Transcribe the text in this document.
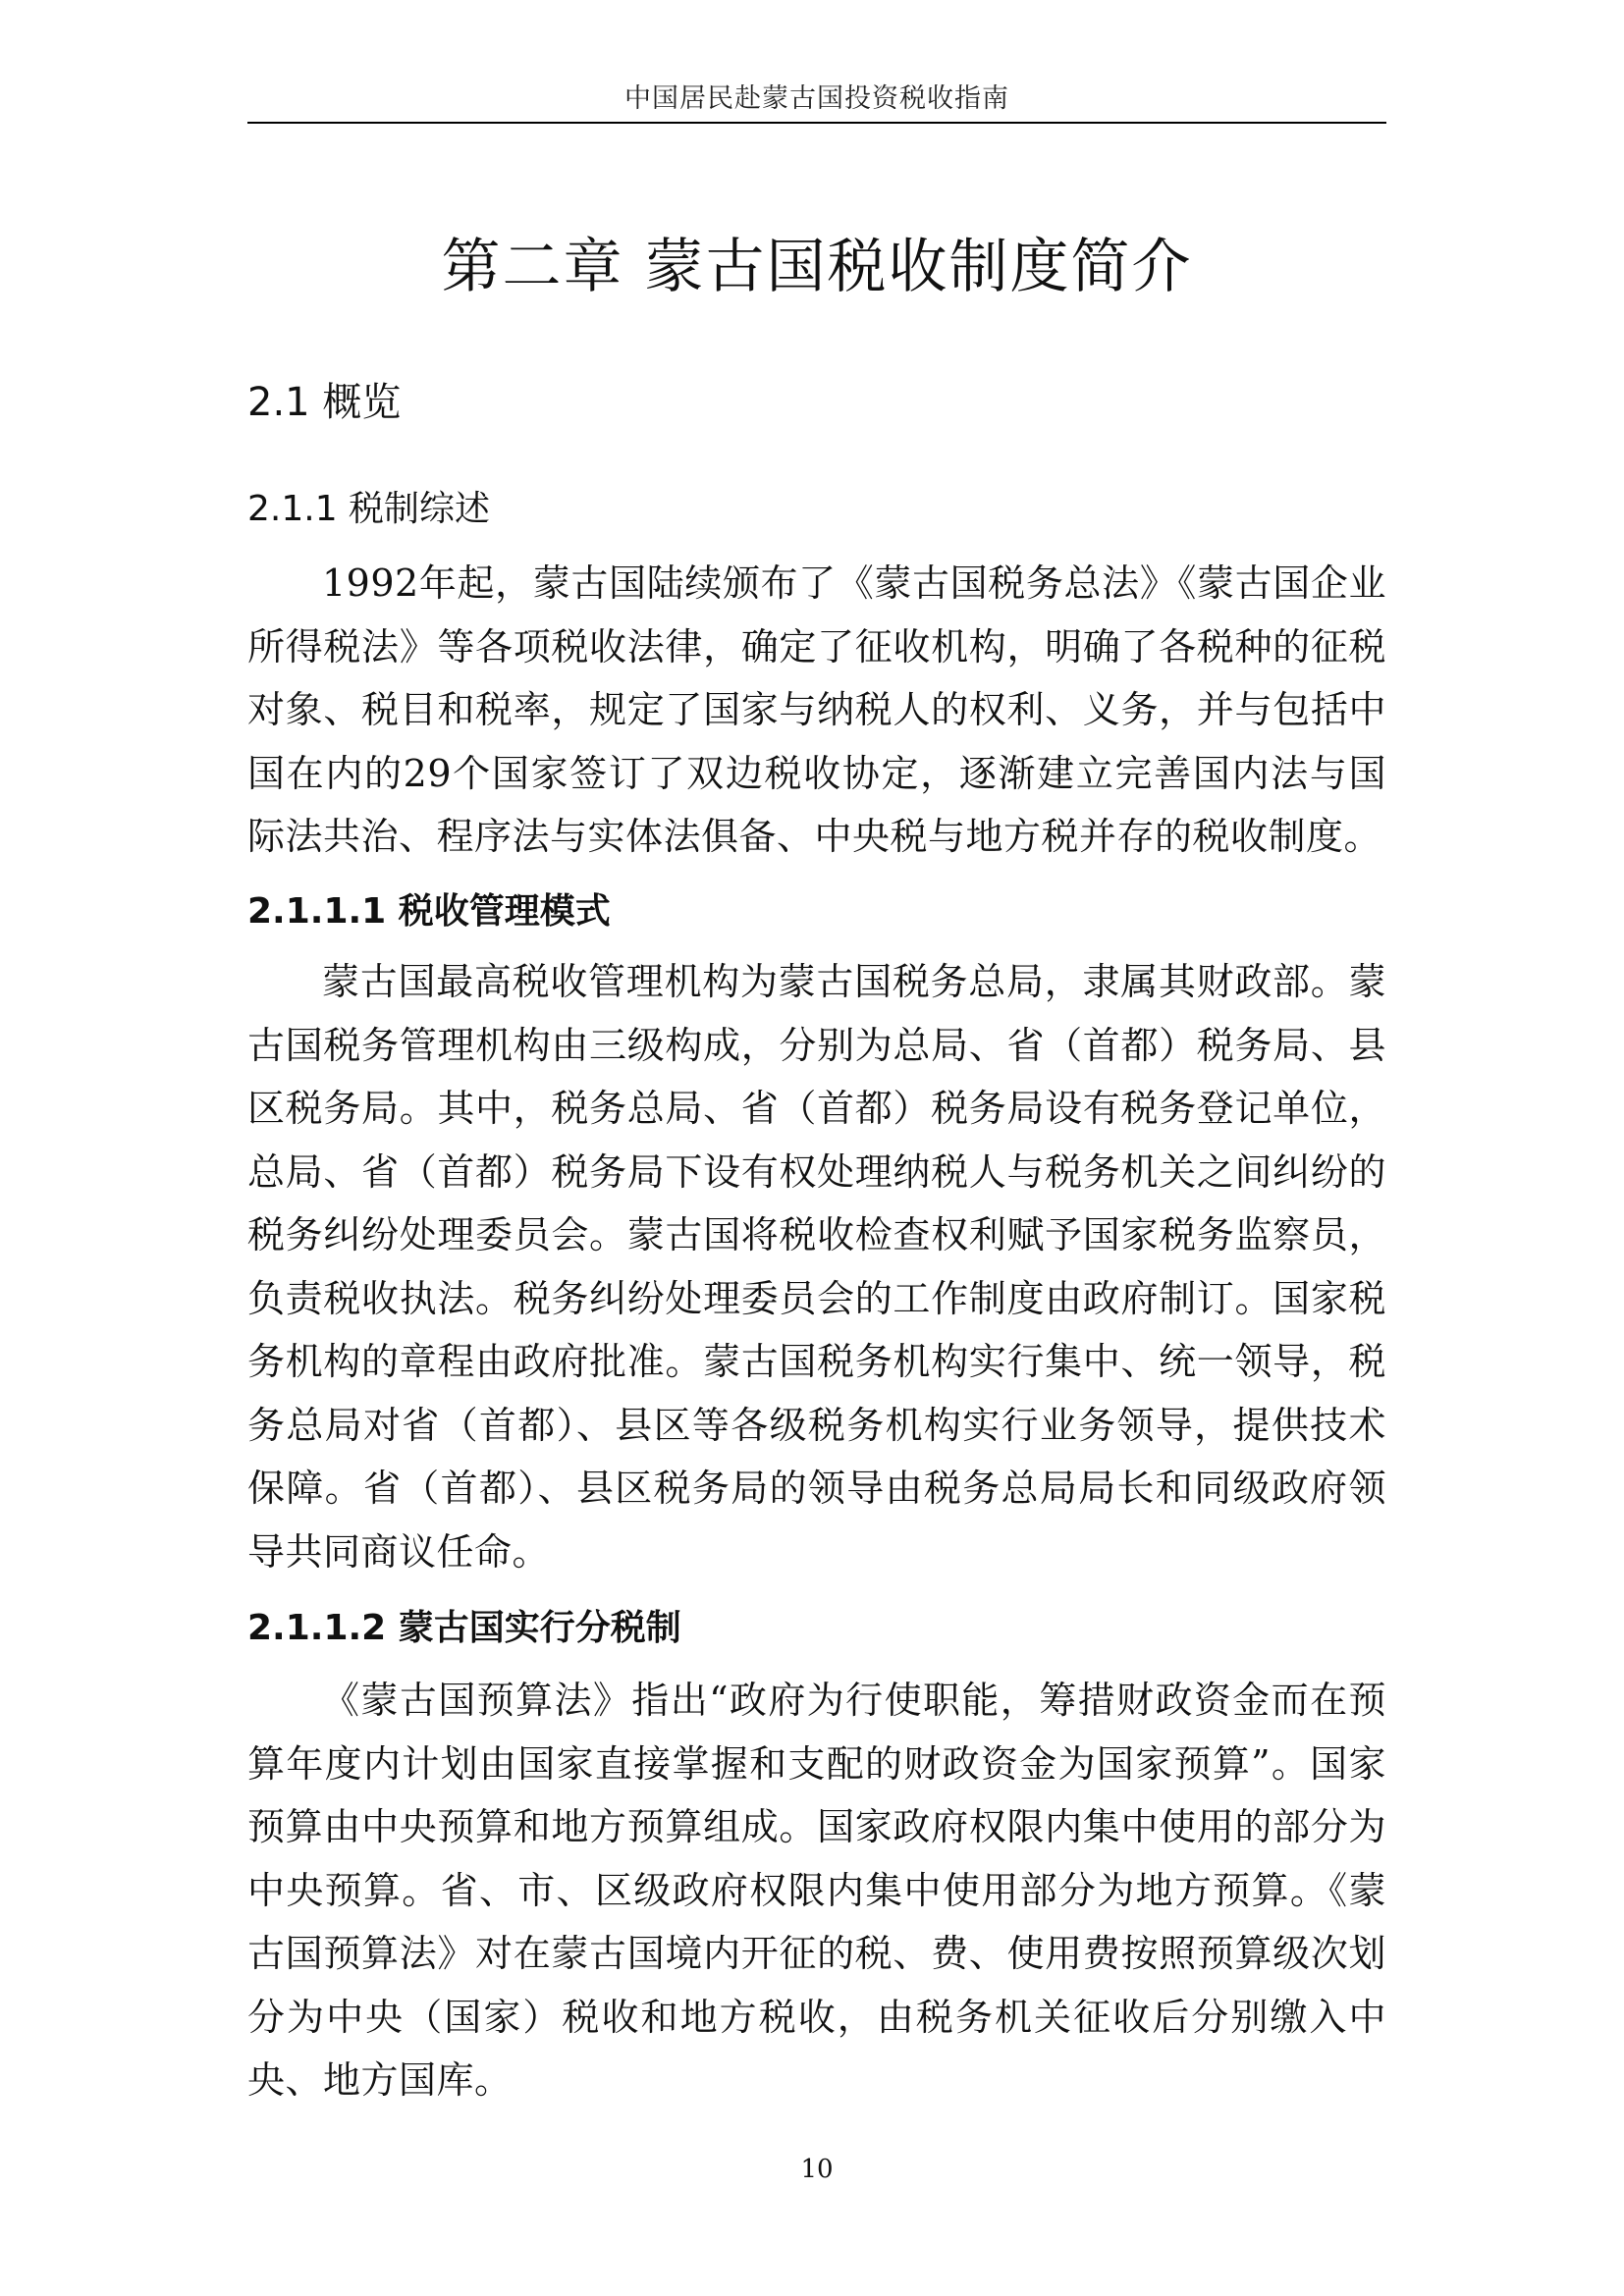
中国居民赴蒙古国投资税收指南
第二章 蒙古国税收制度简介
2.1 概览
2.1.1 税制综述

1992年起，蒙古国陆续颁布了《蒙古国税务总法》《蒙古国企业所得税法》等各项税收法律，确定了征收机构，明确了各税种的征税对象、税目和税率，规定了国家与纳税人的权利、义务，并与包括中国在内的29个国家签订了双边税收协定，逐渐建立完善国内法与国际法共治、程序法与实体法俱备、中央税与地方税并存的税收制度。

2.1.1.1 税收管理模式

蒙古国最高税收管理机构为蒙古国税务总局，隶属其财政部。蒙古国税务管理机构由三级构成，分别为总局、省（首都）税务局、县区税务局。其中，税务总局、省（首都）税务局设有税务登记单位，总局、省（首都）税务局下设有权处理纳税人与税务机关之间纠纷的税务纠纷处理委员会。蒙古国将税收检查权利赋予国家税务监察员，负责税收执法。税务纠纷处理委员会的工作制度由政府制订。国家税务机构的章程由政府批准。蒙古国税务机构实行集中、统一领导，税务总局对省（首都）、县区等各级税务机构实行业务领导，提供技术保障。省（首都）、县区税务局的领导由税务总局局长和同级政府领导共同商议任命。

2.1.1.2 蒙古国实行分税制

《蒙古国预算法》指出“政府为行使职能，筹措财政资金而在预算年度内计划由国家直接掌握和支配的财政资金为国家预算”。国家预算由中央预算和地方预算组成。国家政府权限内集中使用的部分为中央预算。省、市、区级政府权限内集中使用部分为地方预算。《蒙古国预算法》对在蒙古国境内开征的税、费、使用费按照预算级次划分为中央（国家）税收和地方税收，由税务机关征收后分别缴入中央、地方国库。

10
